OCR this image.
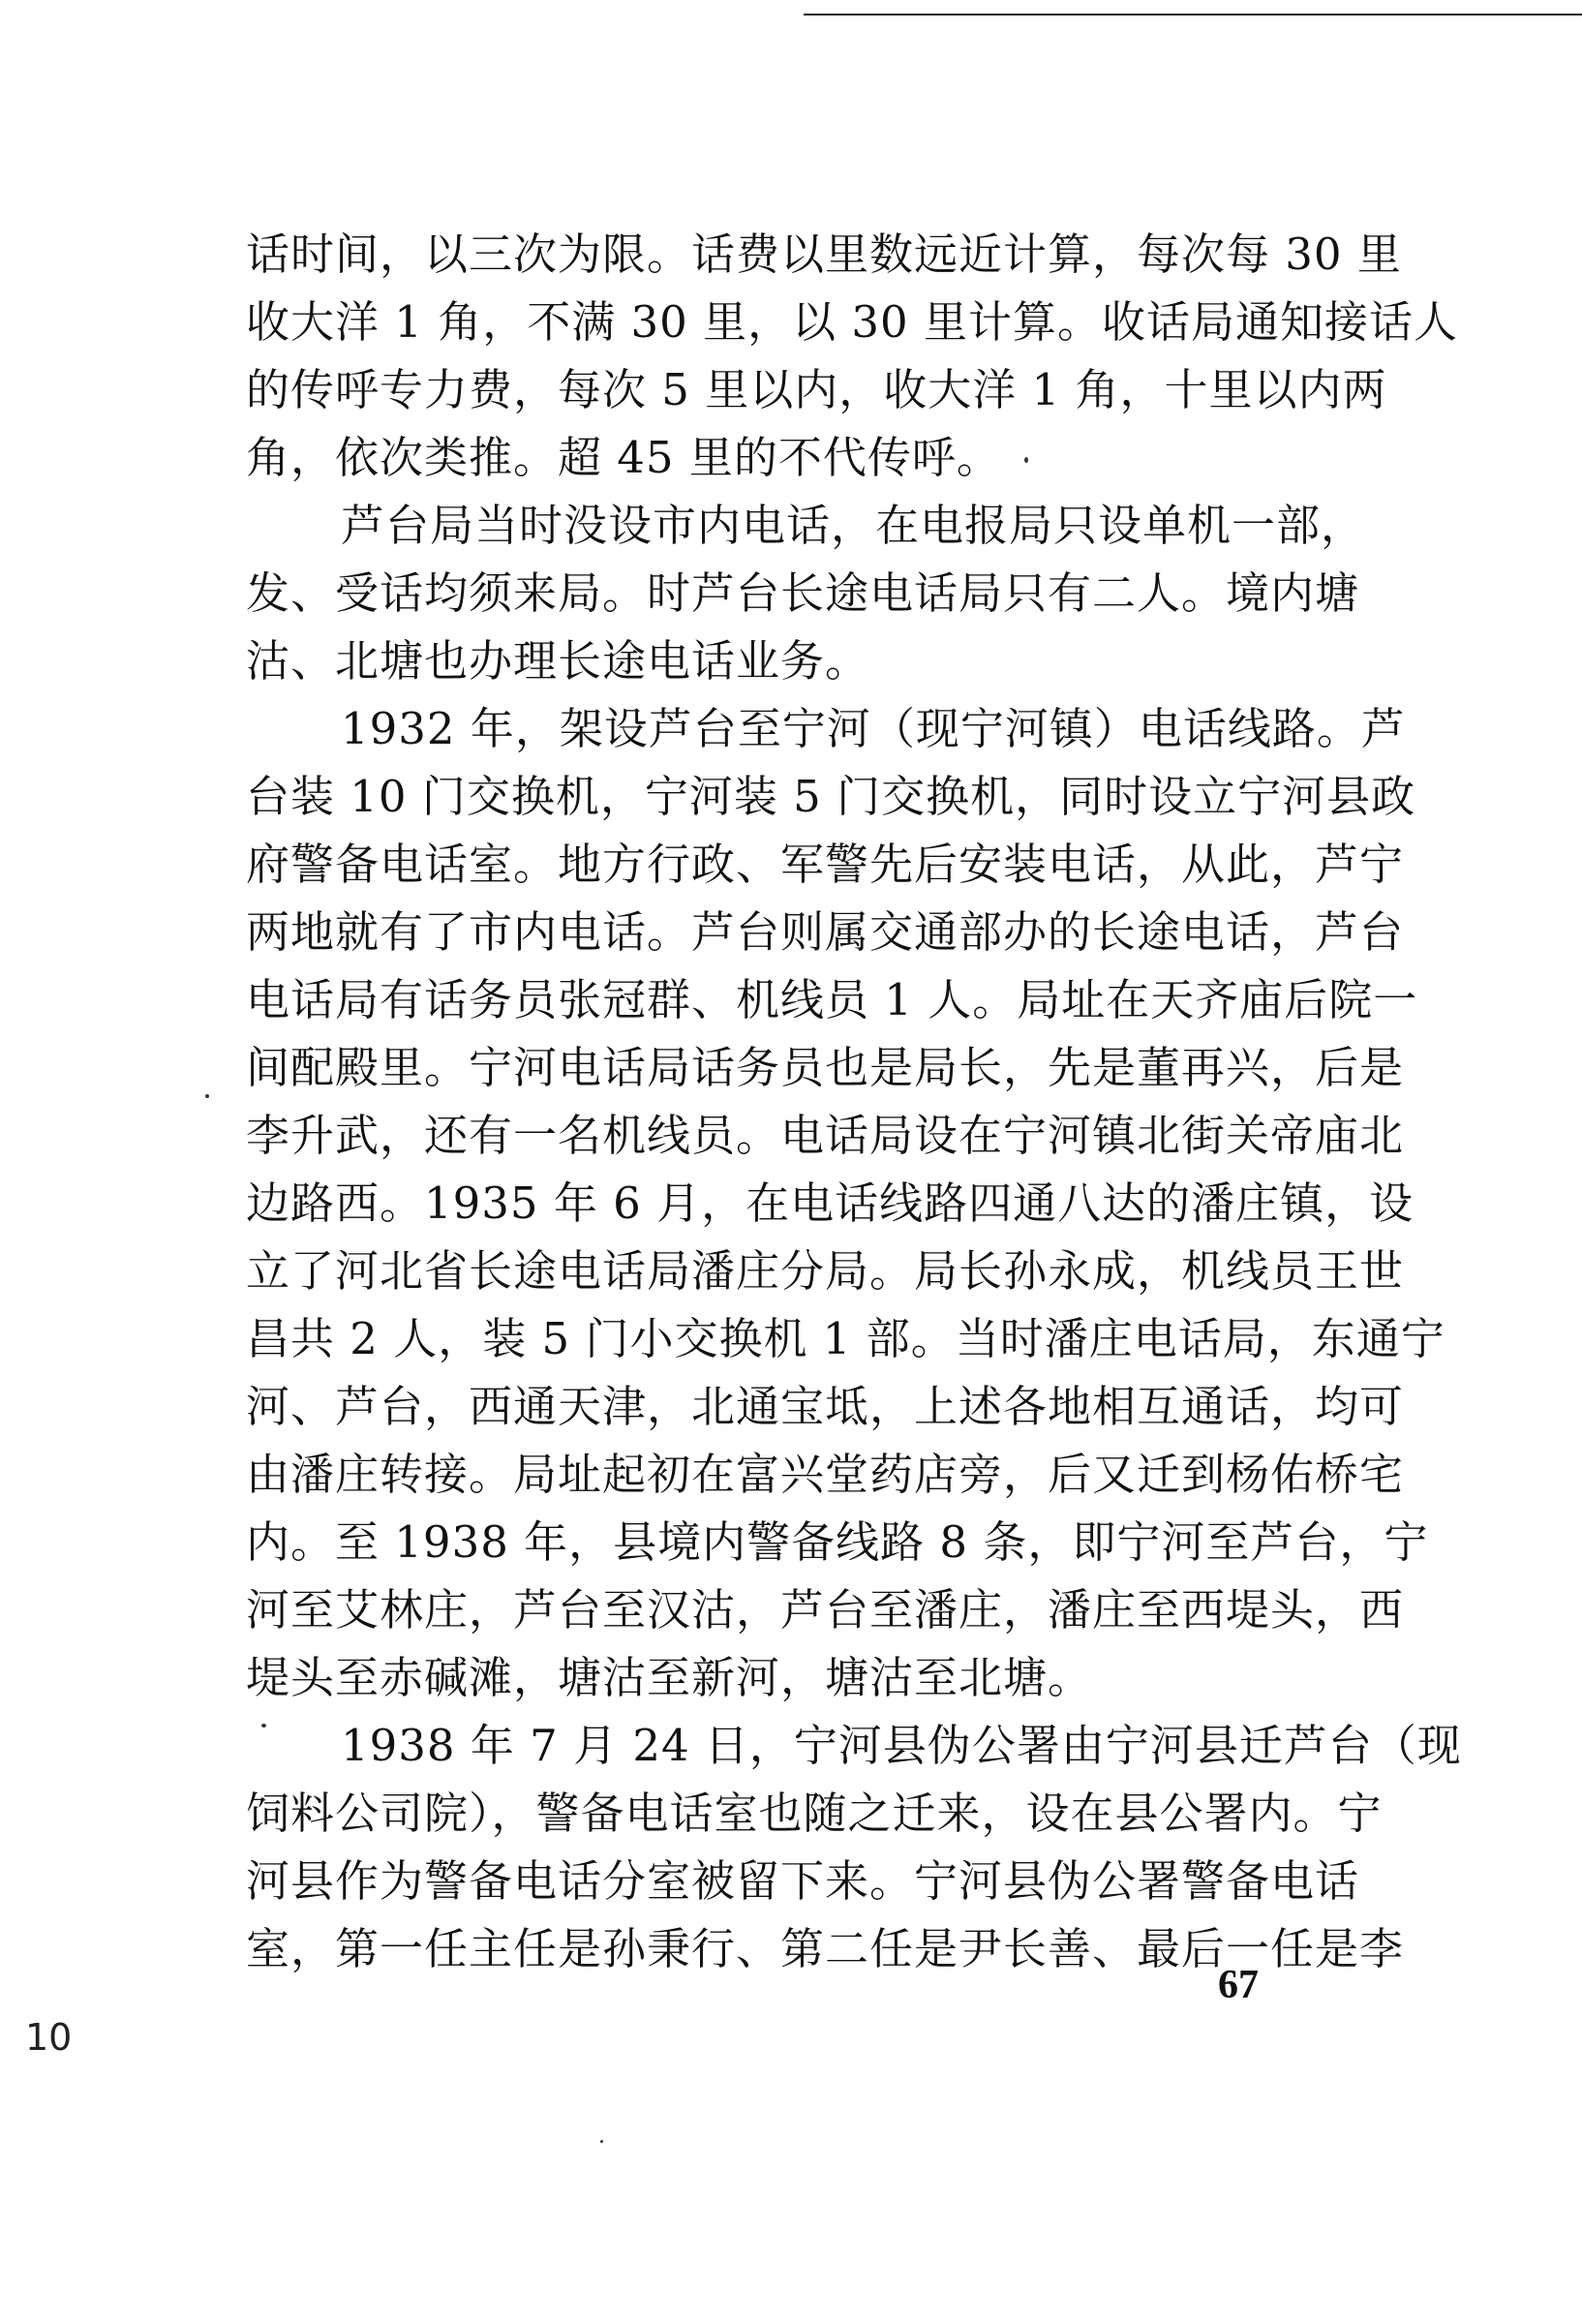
话时间，以三次为限。话费以里数远近计算，每次每 30 里
收大洋 1 角，不满 30 里，以 30 里计算。收话局通知接话人
的传呼专力费，每次 5 里以内，收大洋 1 角，十里以内两
角，依次类推。超 45 里的不代传呼。
芦台局当时没设市内电话，在电报局只设单机一部，
发、受话均须来局。时芦台长途电话局只有二人。境内塘
沽、北塘也办理长途电话业务。
1932 年，架设芦台至宁河（现宁河镇）电话线路。芦
台装 10 门交换机，宁河装 5 门交换机，同时设立宁河县政
府警备电话室。地方行政、军警先后安装电话，从此，芦宁
两地就有了市内电话。芦台则属交通部办的长途电话，芦台
电话局有话务员张冠群、机线员 1 人。局址在天齐庙后院一
间配殿里。宁河电话局话务员也是局长，先是董再兴，后是
李升武，还有一名机线员。电话局设在宁河镇北街关帝庙北
边路西。1935 年 6 月，在电话线路四通八达的潘庄镇，设
立了河北省长途电话局潘庄分局。局长孙永成，机线员王世
昌共 2 人，装 5 门小交换机 1 部。当时潘庄电话局，东通宁
河、芦台，西通天津，北通宝坻，上述各地相互通话，均可
由潘庄转接。局址起初在富兴堂药店旁，后又迁到杨佑桥宅
内。至 1938 年，县境内警备线路 8 条，即宁河至芦台，宁
河至艾林庄，芦台至汉沽，芦台至潘庄，潘庄至西堤头，西
堤头至赤碱滩，塘沽至新河，塘沽至北塘。
1938 年 7 月 24 日，宁河县伪公署由宁河县迁芦台（现
饲料公司院），警备电话室也随之迁来，设在县公署内。宁
河县作为警备电话分室被留下来。宁河县伪公署警备电话
室，第一任主任是孙秉行、第二任是尹长善、最后一任是李
67
10
